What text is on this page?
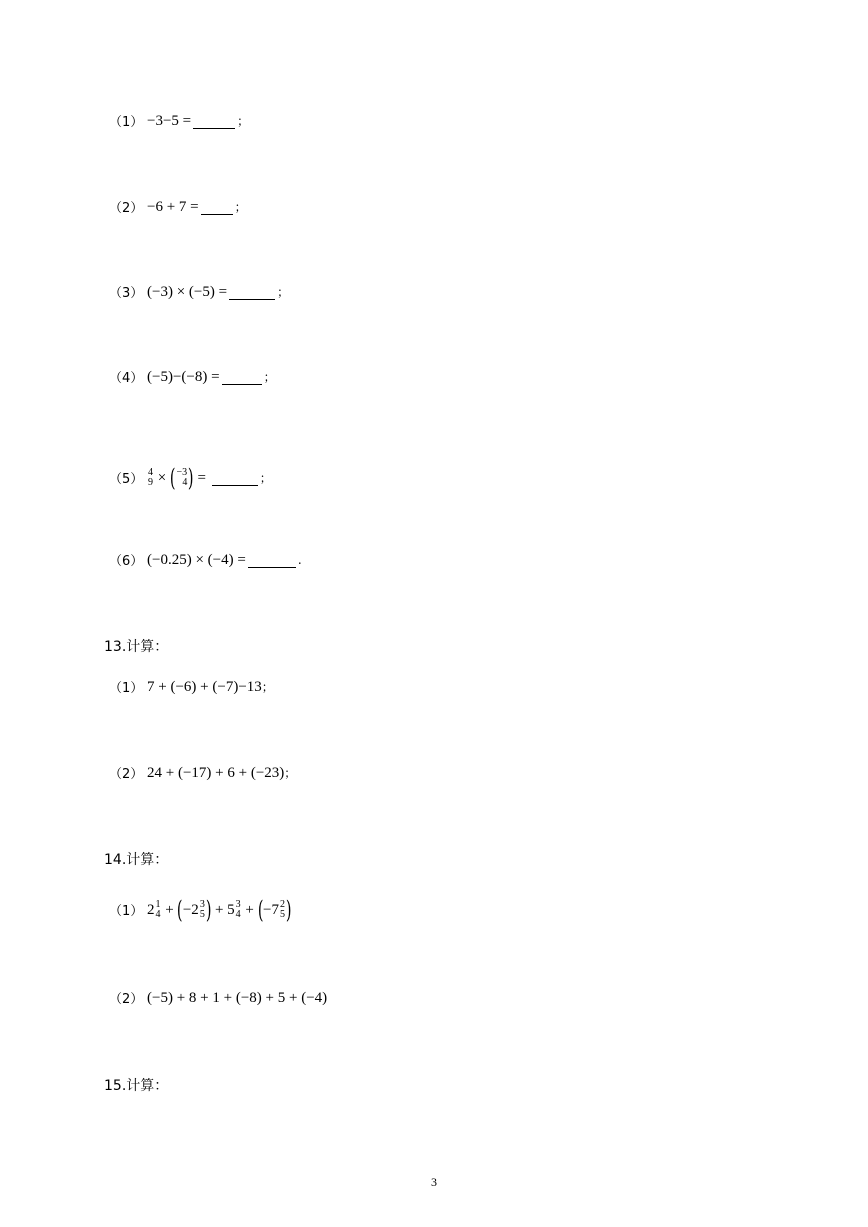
（1） −3−5 =	；
（2） −6 + 7 =	；
（3） (−3) × (−5) =	；
（4） (−5)−(−8) =	；
（5） 4
9 × ( −3
4 ) =	；
（6） (−0.25) × (−4) =	.
13.计算：
（1） 7 + (−6) + (−7)−13 ；
（2） 24 + (−17) + 6 + (−23) ；
14.计算：
（1） 2 1
4 + ( −2 3
5 ) + 5 3
4 + ( −7 2
5 )
（2） (−5) + 8 + 1 + (−8) + 5 + (−4)
15.计算：
3
